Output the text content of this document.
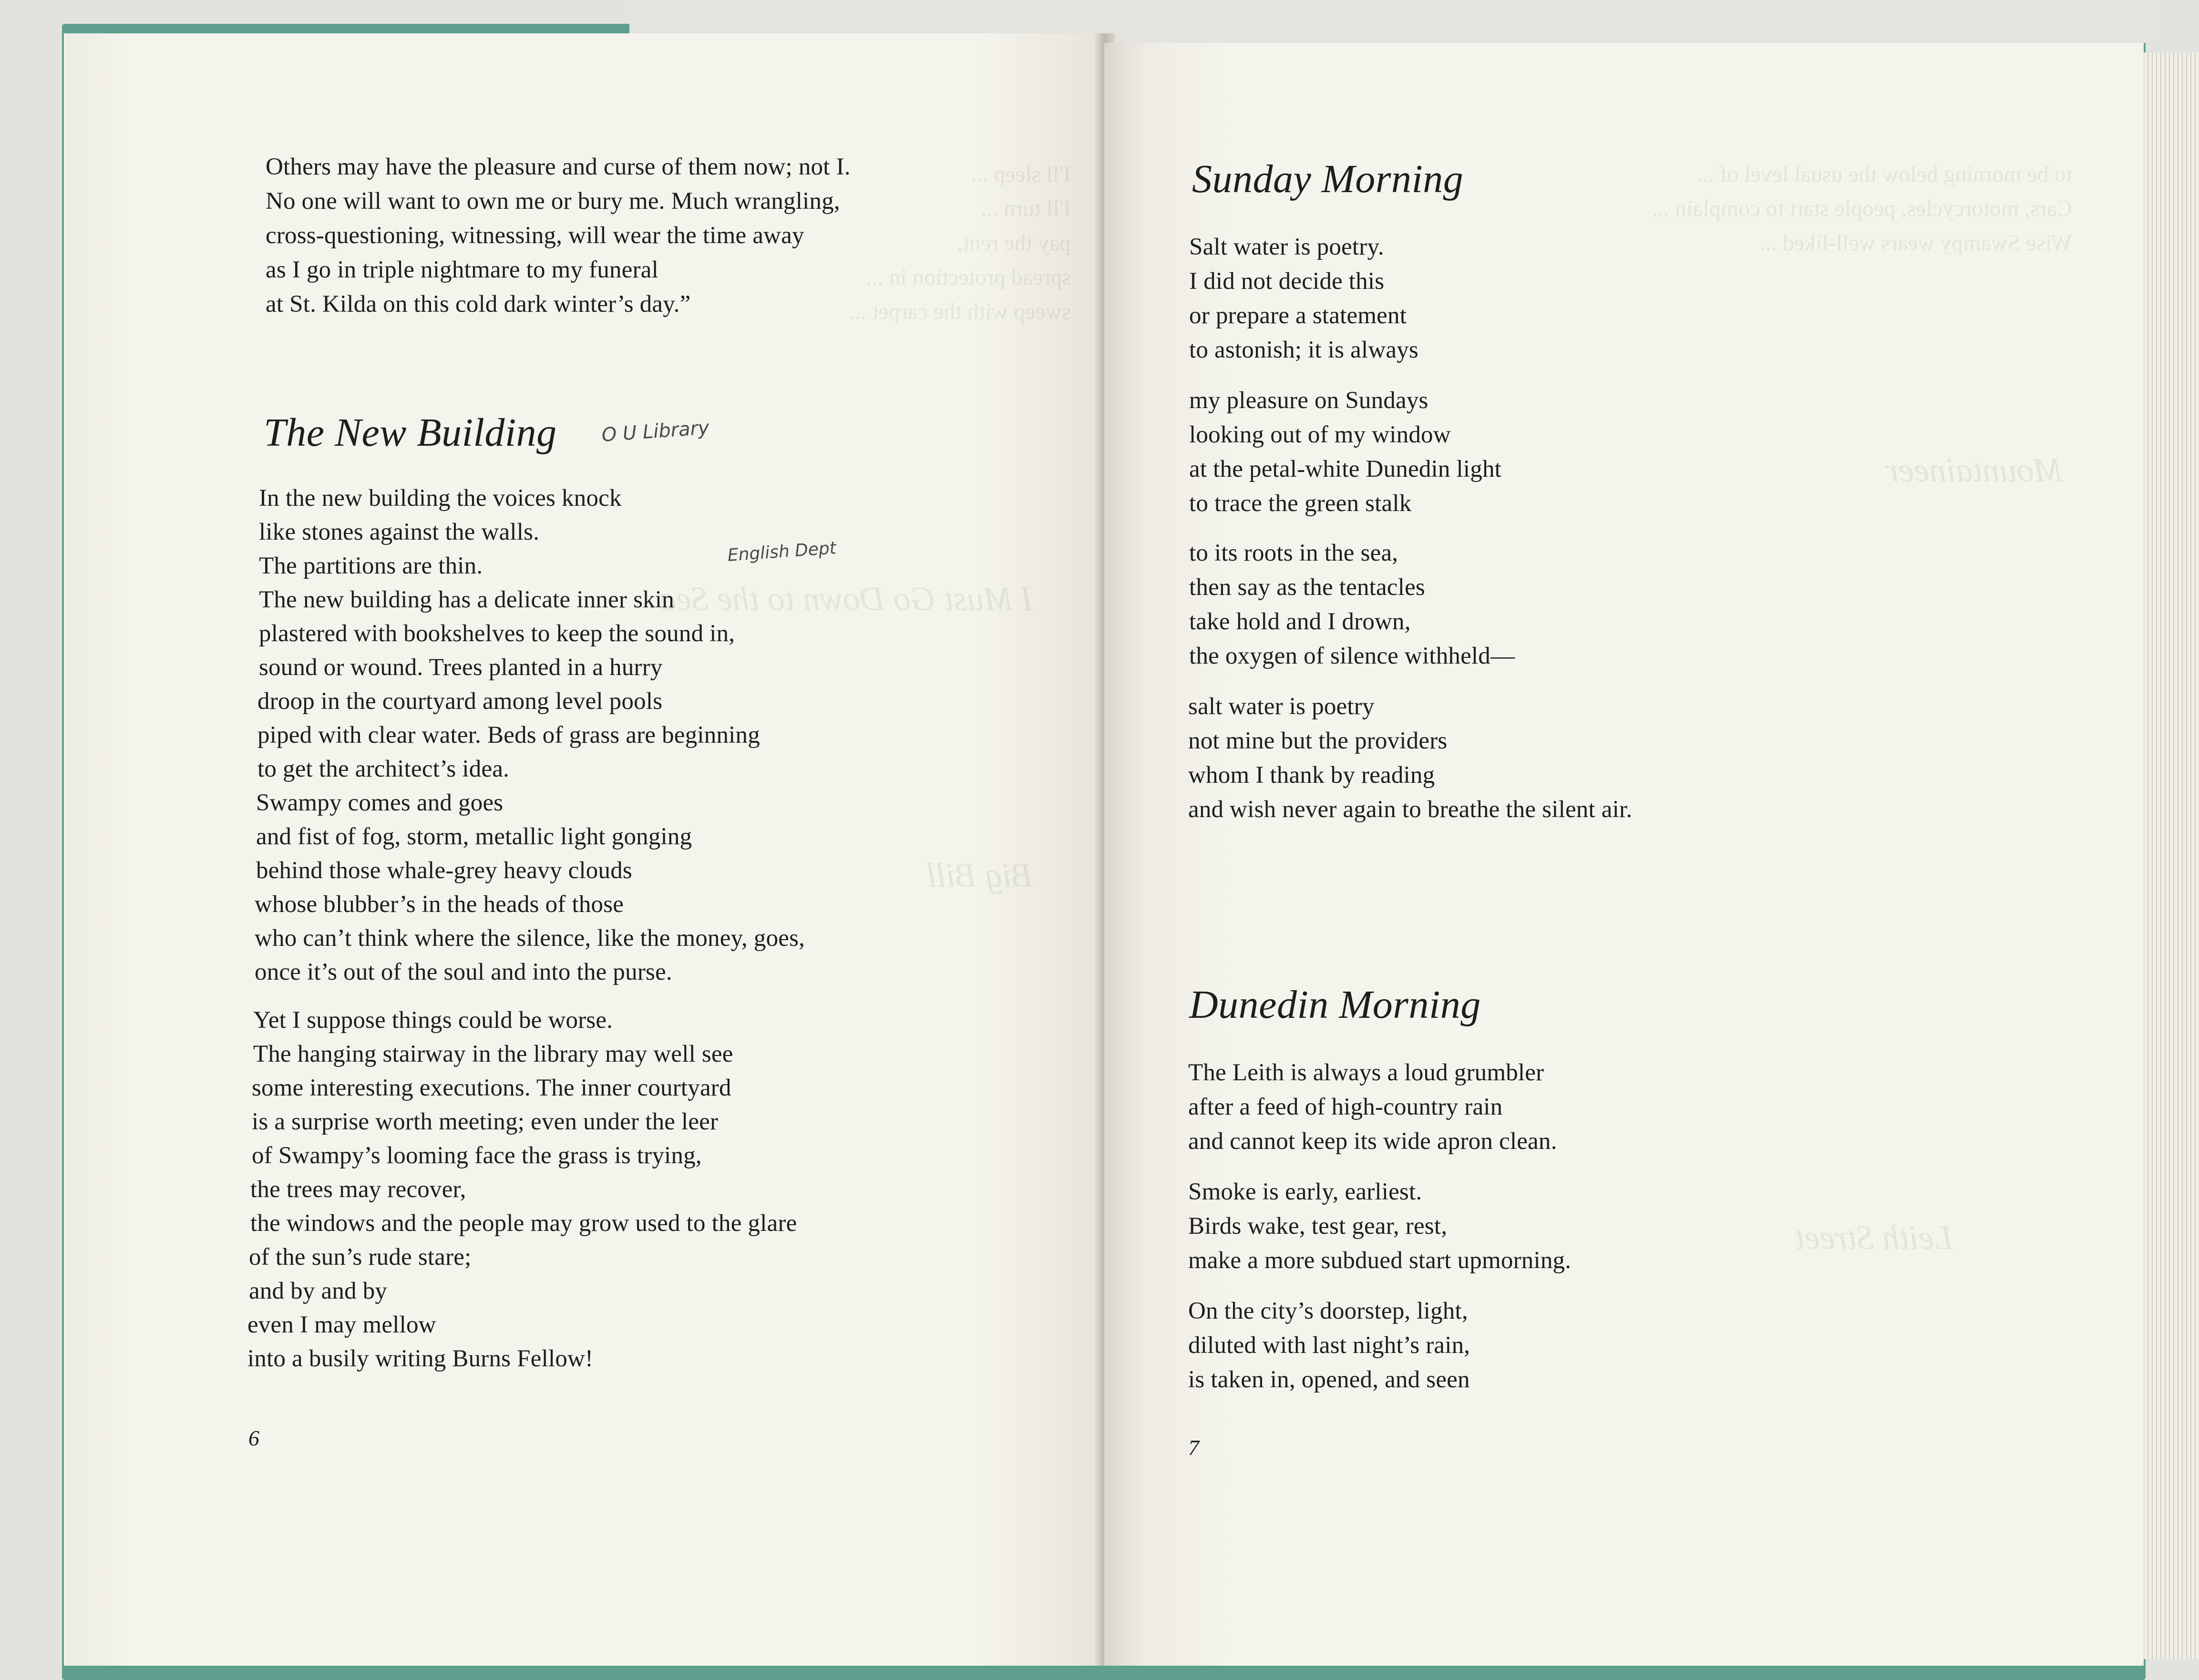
I'll sleep ...
I'll turn ...
pay the rent,
spread protection in ...
sweep with the carpet ...
I Must Go Down to the Sea
Big Bill
Others may have the pleasure and curse of them now; not I.
No one will want to own me or bury me. Much wrangling,
cross-questioning, witnessing, will wear the time away
as I go in triple nightmare to my funeral
at St. Kilda on this cold dark winter’s day.”
The New Building O U Library
English Dept
In the new building the voices knock
like stones against the walls.
The partitions are thin.
The new building has a delicate inner skin
plastered with bookshelves to keep the sound in,
sound or wound. Trees planted in a hurry
droop in the courtyard among level pools
piped with clear water. Beds of grass are beginning
to get the architect’s idea.
Swampy comes and goes
and fist of fog, storm, metallic light gonging
behind those whale-grey heavy clouds
whose blubber’s in the heads of those
who can’t think where the silence, like the money, goes,
once it’s out of the soul and into the purse.
Yet I suppose things could be worse.
The hanging stairway in the library may well see
some interesting executions. The inner courtyard
is a surprise worth meeting; even under the leer
of Swampy’s looming face the grass is trying,
the trees may recover,
the windows and the people may grow used to the glare
of the sun’s rude stare;
and by and by
even I may mellow
into a busily writing Burns Fellow!
6
to be morning below the usual level of ...
Cars, motorcycles, people start to complain ...
Wise Swampy wears well-liked ...
Mountaineer
Leith Street
Sunday Morning
Salt water is poetry.
I did not decide this
or prepare a statement
to astonish; it is always
my pleasure on Sundays
looking out of my window
at the petal-white Dunedin light
to trace the green stalk
to its roots in the sea,
then say as the tentacles
take hold and I drown,
the oxygen of silence withheld—
salt water is poetry
not mine but the providers
whom I thank by reading
and wish never again to breathe the silent air.
Dunedin Morning
The Leith is always a loud grumbler
after a feed of high-country rain
and cannot keep its wide apron clean.
Smoke is early, earliest.
Birds wake, test gear, rest,
make a more subdued start upmorning.
On the city’s doorstep, light,
diluted with last night’s rain,
is taken in, opened, and seen
7
